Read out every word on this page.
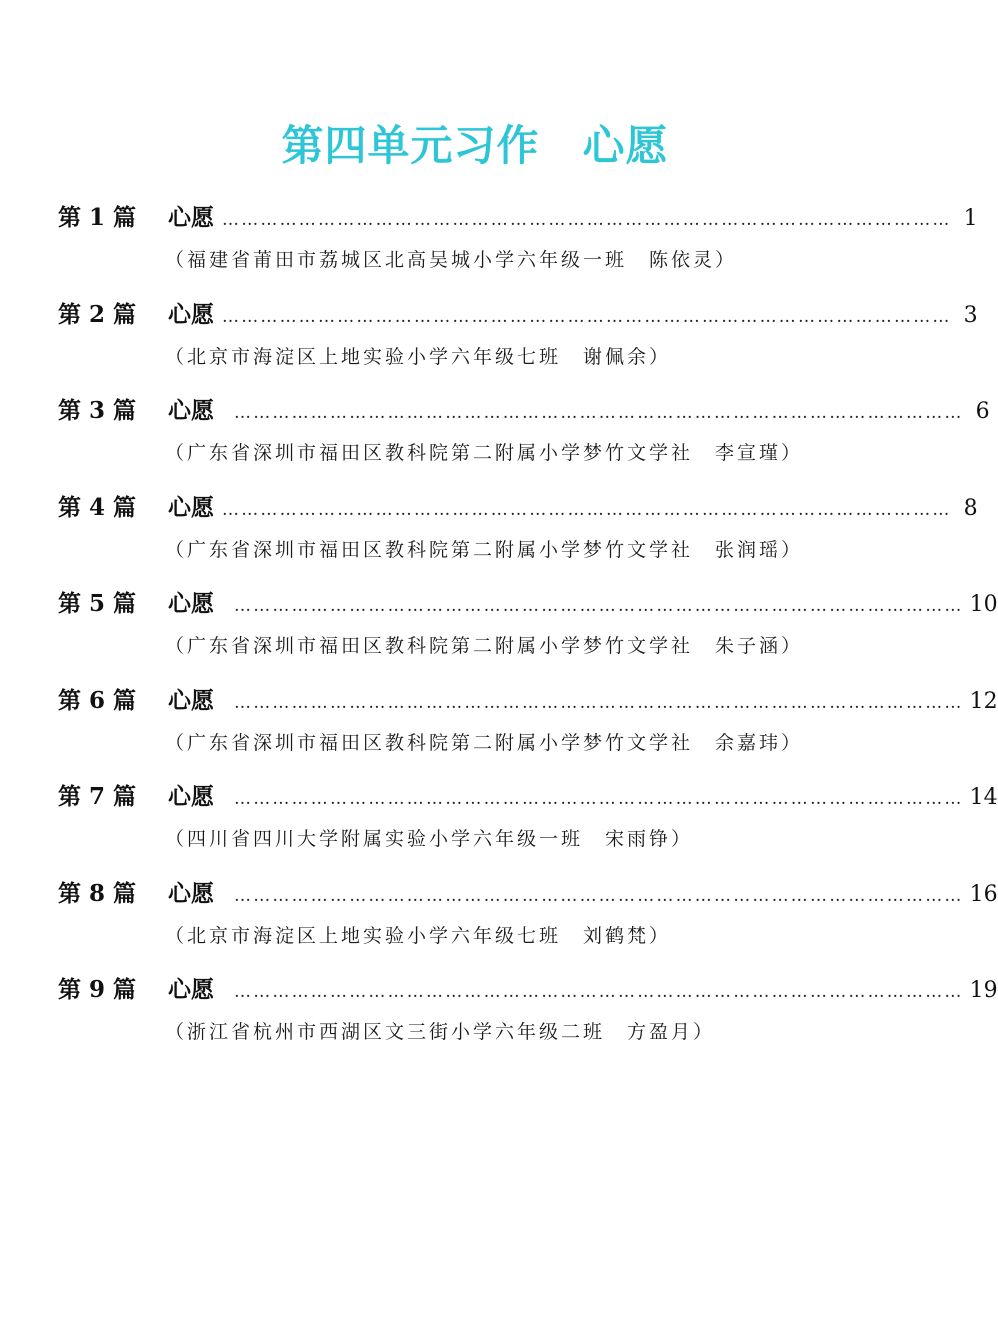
第四单元习作　心愿
第 1 篇	心愿 …………………………………………………………………………………………………… 1
（福建省莆田市荔城区北高吴城小学六年级一班　陈依灵）
第 2 篇	心愿 …………………………………………………………………………………………………… 3
（北京市海淀区上地实验小学六年级七班　谢佩余）
第 3 篇	心愿 …………………………………………………………………………………………………… 6
（广东省深圳市福田区教科院第二附属小学梦竹文学社　李宣瑾）
第 4 篇	心愿 …………………………………………………………………………………………………… 8
（广东省深圳市福田区教科院第二附属小学梦竹文学社　张润瑶）
第 5 篇	心愿 …………………………………………………………………………………………………… 10
（广东省深圳市福田区教科院第二附属小学梦竹文学社　朱子涵）
第 6 篇	心愿 …………………………………………………………………………………………………… 12
（广东省深圳市福田区教科院第二附属小学梦竹文学社　余嘉玮）
第 7 篇	心愿 …………………………………………………………………………………………………… 14
（四川省四川大学附属实验小学六年级一班　宋雨铮）
第 8 篇	心愿 …………………………………………………………………………………………………… 16
（北京市海淀区上地实验小学六年级七班　刘鹤梵）
第 9 篇	心愿 …………………………………………………………………………………………………… 19
（浙江省杭州市西湖区文三街小学六年级二班　方盈月）
